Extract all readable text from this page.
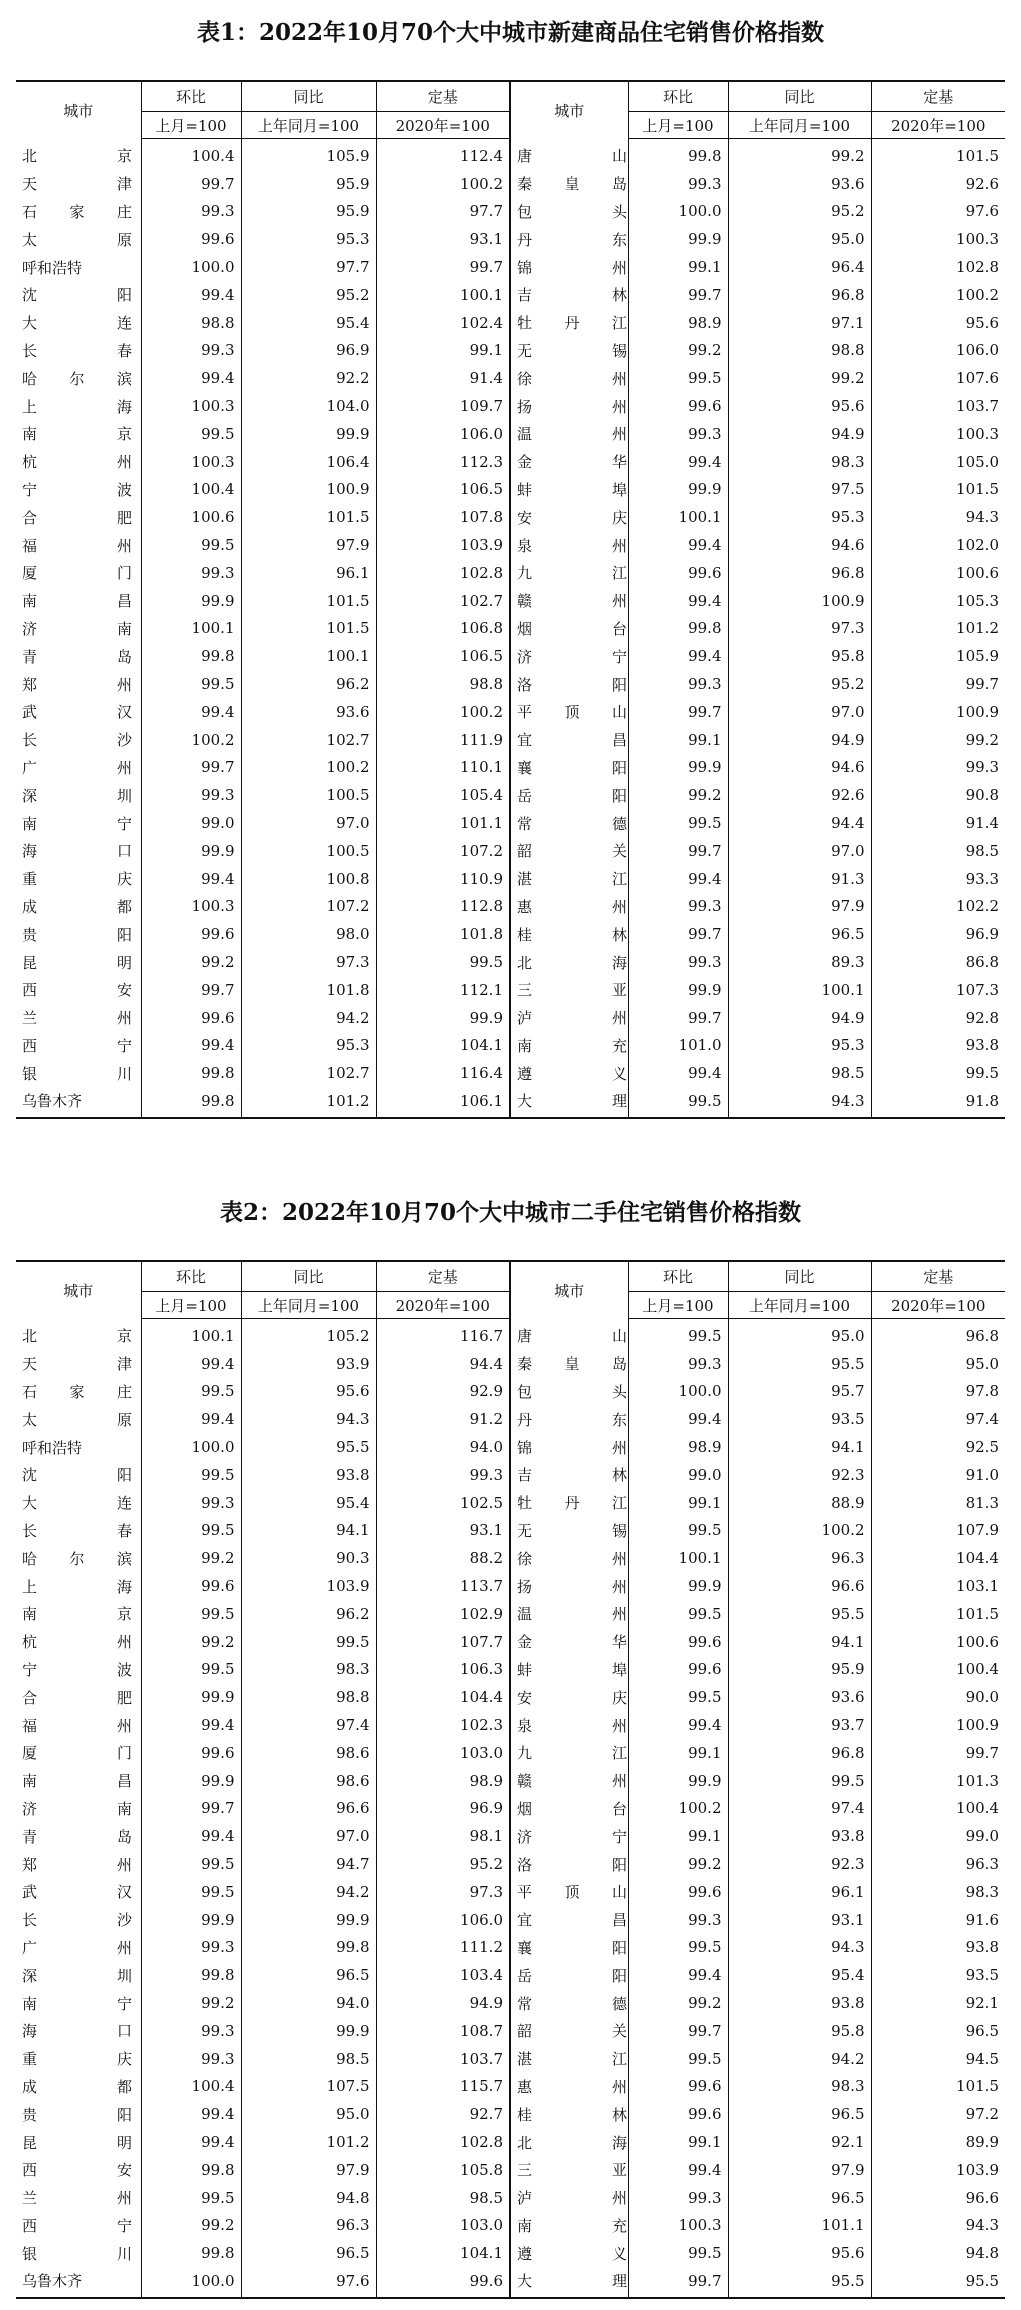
表1：2022年10月70个大中城市新建商品住宅销售价格指数
城市	环比	同比	定基	城市	环比	同比	定基
	上月=100	上年同月=100	2020年=100		上月=100	上年同月=100	2020年=100
北 京	100.4	105.9	112.4	唐 山	99.8	99.2	101.5
天 津	99.7	95.9	100.2	秦皇岛	99.3	93.6	92.6
石家庄	99.3	95.9	97.7	包 头	100.0	95.2	97.6
太 原	99.6	95.3	93.1	丹 东	99.9	95.0	100.3
呼和浩特	100.0	97.7	99.7	锦 州	99.1	96.4	102.8
沈 阳	99.4	95.2	100.1	吉 林	99.7	96.8	100.2
大 连	98.8	95.4	102.4	牡丹江	98.9	97.1	95.6
长 春	99.3	96.9	99.1	无 锡	99.2	98.8	106.0
哈尔滨	99.4	92.2	91.4	徐 州	99.5	99.2	107.6
上 海	100.3	104.0	109.7	扬 州	99.6	95.6	103.7
南 京	99.5	99.9	106.0	温 州	99.3	94.9	100.3
杭 州	100.3	106.4	112.3	金 华	99.4	98.3	105.0
宁 波	100.4	100.9	106.5	蚌 埠	99.9	97.5	101.5
合 肥	100.6	101.5	107.8	安 庆	100.1	95.3	94.3
福 州	99.5	97.9	103.9	泉 州	99.4	94.6	102.0
厦 门	99.3	96.1	102.8	九 江	99.6	96.8	100.6
南 昌	99.9	101.5	102.7	赣 州	99.4	100.9	105.3
济 南	100.1	101.5	106.8	烟 台	99.8	97.3	101.2
青 岛	99.8	100.1	106.5	济 宁	99.4	95.8	105.9
郑 州	99.5	96.2	98.8	洛 阳	99.3	95.2	99.7
武 汉	99.4	93.6	100.2	平顶山	99.7	97.0	100.9
长 沙	100.2	102.7	111.9	宜 昌	99.1	94.9	99.2
广 州	99.7	100.2	110.1	襄 阳	99.9	94.6	99.3
深 圳	99.3	100.5	105.4	岳 阳	99.2	92.6	90.8
南 宁	99.0	97.0	101.1	常 德	99.5	94.4	91.4
海 口	99.9	100.5	107.2	韶 关	99.7	97.0	98.5
重 庆	99.4	100.8	110.9	湛 江	99.4	91.3	93.3
成 都	100.3	107.2	112.8	惠 州	99.3	97.9	102.2
贵 阳	99.6	98.0	101.8	桂 林	99.7	96.5	96.9
昆 明	99.2	97.3	99.5	北 海	99.3	89.3	86.8
西 安	99.7	101.8	112.1	三 亚	99.9	100.1	107.3
兰 州	99.6	94.2	99.9	泸 州	99.7	94.9	92.8
西 宁	99.4	95.3	104.1	南 充	101.0	95.3	93.8
银 川	99.8	102.7	116.4	遵 义	99.4	98.5	99.5
乌鲁木齐	99.8	101.2	106.1	大 理	99.5	94.3	91.8
表2：2022年10月70个大中城市二手住宅销售价格指数
城市	环比	同比	定基	城市	环比	同比	定基
	上月=100	上年同月=100	2020年=100		上月=100	上年同月=100	2020年=100
北 京	100.1	105.2	116.7	唐 山	99.5	95.0	96.8
天 津	99.4	93.9	94.4	秦皇岛	99.3	95.5	95.0
石家庄	99.5	95.6	92.9	包 头	100.0	95.7	97.8
太 原	99.4	94.3	91.2	丹 东	99.4	93.5	97.4
呼和浩特	100.0	95.5	94.0	锦 州	98.9	94.1	92.5
沈 阳	99.5	93.8	99.3	吉 林	99.0	92.3	91.0
大 连	99.3	95.4	102.5	牡丹江	99.1	88.9	81.3
长 春	99.5	94.1	93.1	无 锡	99.5	100.2	107.9
哈尔滨	99.2	90.3	88.2	徐 州	100.1	96.3	104.4
上 海	99.6	103.9	113.7	扬 州	99.9	96.6	103.1
南 京	99.5	96.2	102.9	温 州	99.5	95.5	101.5
杭 州	99.2	99.5	107.7	金 华	99.6	94.1	100.6
宁 波	99.5	98.3	106.3	蚌 埠	99.6	95.9	100.4
合 肥	99.9	98.8	104.4	安 庆	99.5	93.6	90.0
福 州	99.4	97.4	102.3	泉 州	99.4	93.7	100.9
厦 门	99.6	98.6	103.0	九 江	99.1	96.8	99.7
南 昌	99.9	98.6	98.9	赣 州	99.9	99.5	101.3
济 南	99.7	96.6	96.9	烟 台	100.2	97.4	100.4
青 岛	99.4	97.0	98.1	济 宁	99.1	93.8	99.0
郑 州	99.5	94.7	95.2	洛 阳	99.2	92.3	96.3
武 汉	99.5	94.2	97.3	平顶山	99.6	96.1	98.3
长 沙	99.9	99.9	106.0	宜 昌	99.3	93.1	91.6
广 州	99.3	99.8	111.2	襄 阳	99.5	94.3	93.8
深 圳	99.8	96.5	103.4	岳 阳	99.4	95.4	93.5
南 宁	99.2	94.0	94.9	常 德	99.2	93.8	92.1
海 口	99.3	99.9	108.7	韶 关	99.7	95.8	96.5
重 庆	99.3	98.5	103.7	湛 江	99.5	94.2	94.5
成 都	100.4	107.5	115.7	惠 州	99.6	98.3	101.5
贵 阳	99.4	95.0	92.7	桂 林	99.6	96.5	97.2
昆 明	99.4	101.2	102.8	北 海	99.1	92.1	89.9
西 安	99.8	97.9	105.8	三 亚	99.4	97.9	103.9
兰 州	99.5	94.8	98.5	泸 州	99.3	96.5	96.6
西 宁	99.2	96.3	103.0	南 充	100.3	101.1	94.3
银 川	99.8	96.5	104.1	遵 义	99.5	95.6	94.8
乌鲁木齐	100.0	97.6	99.6	大 理	99.7	95.5	95.5
